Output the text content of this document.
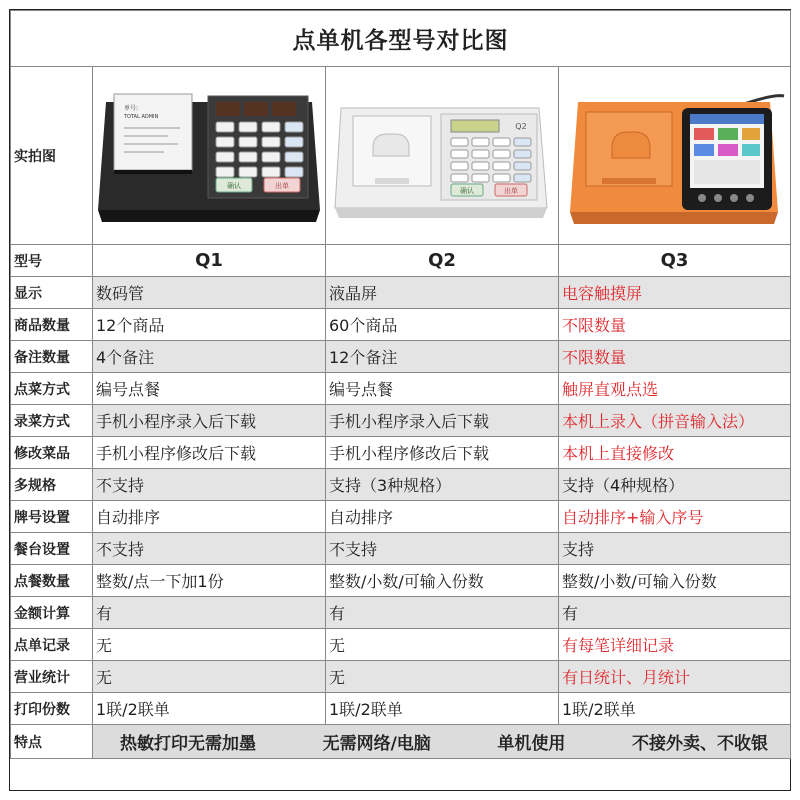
点单机各型号对比图			
实拍图	单号:
TOTAL ADMIN
确认 出单	Q2
确认 出单

型号	Q1	Q2	Q3
显示	数码管	液晶屏	电容触摸屏
商品数量	12个商品	60个商品	不限数量
备注数量	4个备注	12个备注	不限数量
点菜方式	编号点餐	编号点餐	触屏直观点选
录菜方式	手机小程序录入后下载	手机小程序录入后下载	本机上录入（拼音输入法）
修改菜品	手机小程序修改后下载	手机小程序修改后下载	本机上直接修改
多规格	不支持	支持（3种规格）	支持（4种规格）
牌号设置	自动排序	自动排序	自动排序+输入序号
餐台设置	不支持	不支持	支持
点餐数量	整数/点一下加1份	整数/小数/可输入份数	整数/小数/可输入份数
金额计算	有	有	有
点单记录	无	无	有每笔详细记录
营业统计	无	无	有日统计、月统计
打印份数	1联/2联单	1联/2联单	1联/2联单
特点	热敏打印无需加墨 无需网络/电脑 单机使用 不接外卖、不收银		
